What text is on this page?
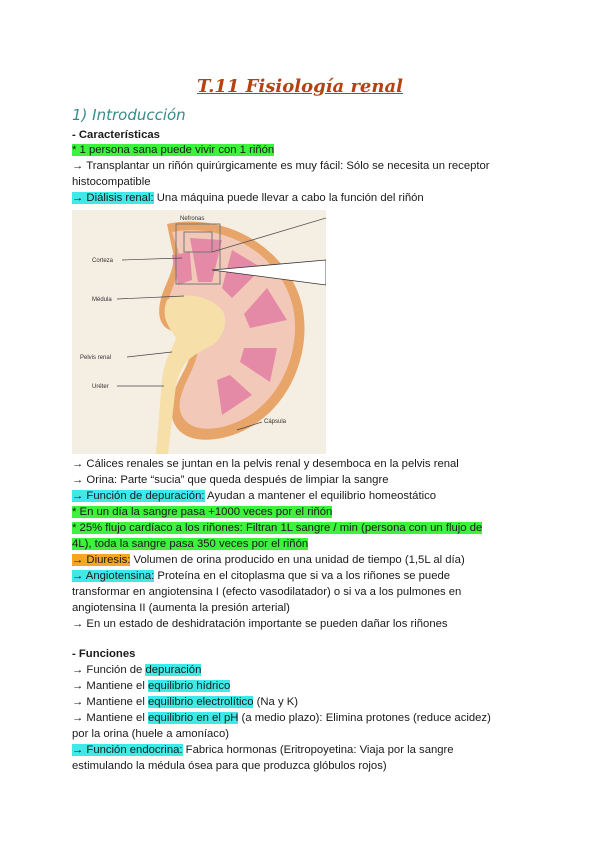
T.11 Fisiología renal
1) Introducción
- Características
* 1 persona sana puede vivir con 1 riñón
→ Transplantar un riñón quirúrgicamente es muy fácil: Sólo se necesita un receptor
histocompatible
→ Diálisis renal: Una máquina puede llevar a cabo la función del riñón
Nefronas
Corteza
Médula
Pelvis renal
Uréter
Cápsula
→ Cálices renales se juntan en la pelvis renal y desemboca en la pelvis renal
→ Orina: Parte “sucia” que queda después de limpiar la sangre
→ Función de depuración: Ayudan a mantener el equilibrio homeostático
* En un día la sangre pasa +1000 veces por el riñón
* 25% flujo cardíaco a los riñones: Filtran 1L sangre / min (persona con un flujo de
4L), toda la sangre pasa 350 veces por el riñón
→ Diuresis: Volumen de orina producido en una unidad de tiempo (1,5L al día)
→ Angiotensina: Proteína en el citoplasma que si va a los riñones se puede
transformar en angiotensina I (efecto vasodilatador) o si va a los pulmones en
angiotensina II (aumenta la presión arterial)
→ En un estado de deshidratación importante se pueden dañar los riñones
- Funciones
→ Función de depuración
→ Mantiene el equilibrio hídrico
→ Mantiene el equilibrio electrolítico (Na y K)
→ Mantiene el equilibrio en el pH (a medio plazo): Elimina protones (reduce acidez)
por la orina (huele a amoníaco)
→ Función endocrina: Fabrica hormonas (Eritropoyetina: Viaja por la sangre
estimulando la médula ósea para que produzca glóbulos rojos)
